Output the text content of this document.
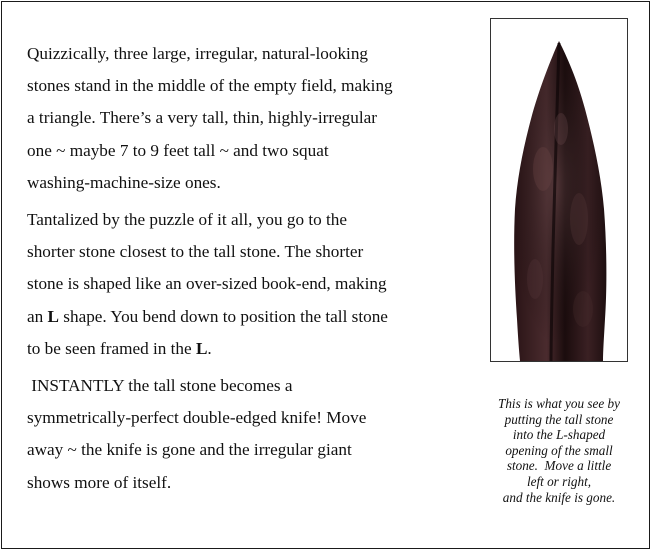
Quizzically, three large, irregular, natural-looking
stones stand in the middle of the empty field, making
a triangle. There’s a very tall, thin, highly-irregular
one ~ maybe 7 to 9 feet tall ~ and two squat
washing-machine-size ones.

Tantalized by the puzzle of it all, you go to the
shorter stone closest to the tall stone. The shorter
stone is shaped like an over-sized book-end, making
an L shape. You bend down to position the tall stone
to be seen framed in the L.

INSTANTLY the tall stone becomes a
symmetrically-perfect double-edged knife! Move
away ~ the knife is gone and the irregular giant
shows more of itself.

This is what you see by
putting the tall stone
into the L-shaped
opening of the small
stone.  Move a little
left or right,
and the knife is gone.
